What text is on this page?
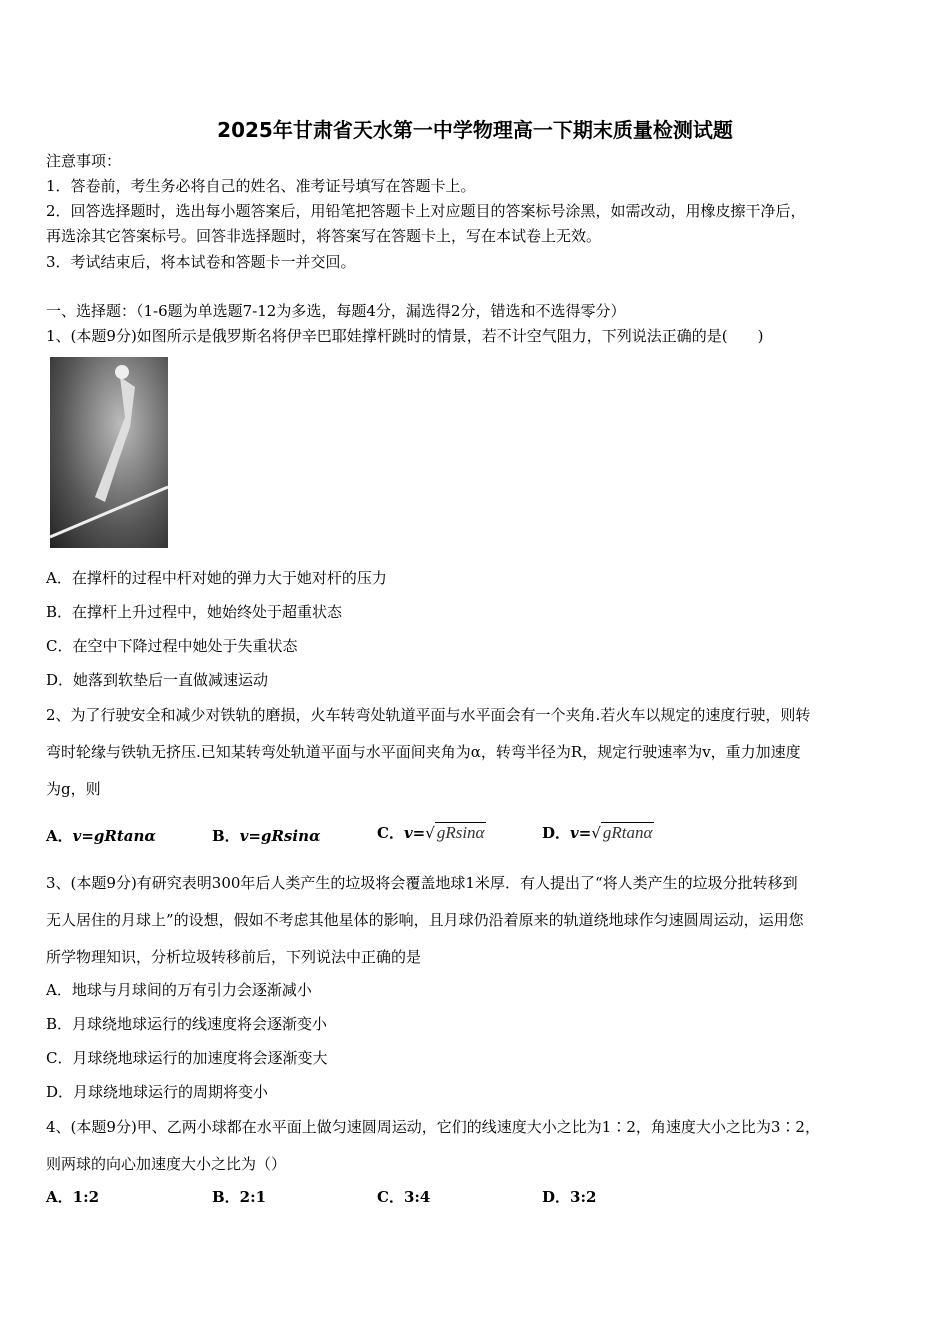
2025年甘肃省天水第一中学物理高一下期末质量检测试题
注意事项：
1．答卷前，考生务必将自己的姓名、准考证号填写在答题卡上。
2．回答选择题时，选出每小题答案后，用铅笔把答题卡上对应题目的答案标号涂黑，如需改动，用橡皮擦干净后，
再选涂其它答案标号。回答非选择题时，将答案写在答题卡上，写在本试卷上无效。
3．考试结束后，将本试卷和答题卡一并交回。
一、选择题：（1-6题为单选题7-12为多选，每题4分，漏选得2分，错选和不选得零分）
1、(本题9分)如图所示是俄罗斯名将伊辛巴耶娃撑杆跳时的情景，若不计空气阻力，下列说法正确的是(　　)
A．在撑杆的过程中杆对她的弹力大于她对杆的压力
B．在撑杆上升过程中，她始终处于超重状态
C．在空中下降过程中她处于失重状态
D．她落到软垫后一直做减速运动
2、为了行驶安全和减少对铁轨的磨损，火车转弯处轨道平面与水平面会有一个夹角.若火车以规定的速度行驶，则转
弯时轮缘与铁轨无挤压.已知某转弯处轨道平面与水平面间夹角为α，转弯半径为R，规定行驶速率为v，重力加速度
为g，则
A．v=gRtanα	B．v=gRsinα	C．v=√ gRsinα	D．v=√ gRtanα
3、(本题9分)有研究表明300年后人类产生的垃圾将会覆盖地球1米厚．有人提出了“将人类产生的垃圾分批转移到
无人居住的月球上”的设想，假如不考虑其他星体的影响，且月球仍沿着原来的轨道绕地球作匀速圆周运动，运用您
所学物理知识，分析垃圾转移前后，下列说法中正确的是
A．地球与月球间的万有引力会逐渐减小
B．月球绕地球运行的线速度将会逐渐变小
C．月球绕地球运行的加速度将会逐渐变大
D．月球绕地球运行的周期将变小
4、(本题9分)甲、乙两小球都在水平面上做匀速圆周运动，它们的线速度大小之比为1∶2，角速度大小之比为3∶2，
则两球的向心加速度大小之比为（）
A．1:2	B．2:1	C．3:4	D．3:2
